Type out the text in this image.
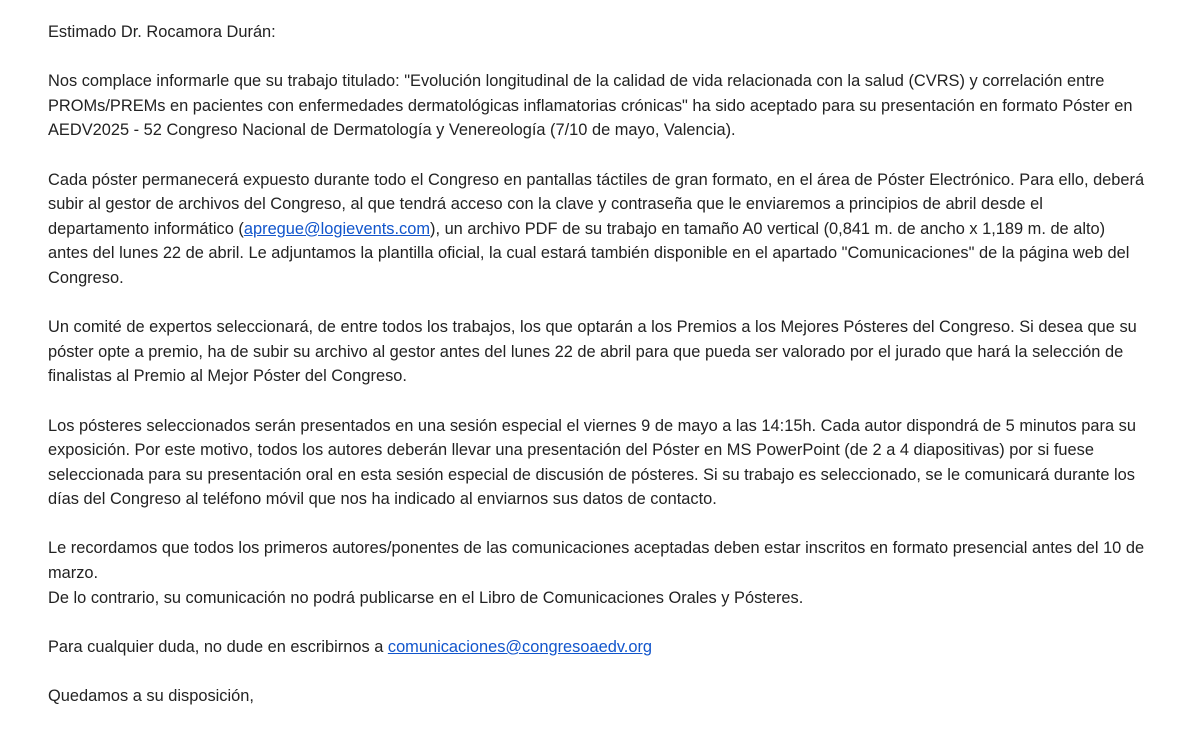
Estimado Dr. Rocamora Durán:

Nos complace informarle que su trabajo titulado: "Evolución longitudinal de la calidad de vida relacionada con la salud (CVRS) y correlación entre PROMs/PREMs en pacientes con enfermedades dermatológicas inflamatorias crónicas" ha sido aceptado para su presentación en formato Póster en AEDV2025 - 52 Congreso Nacional de Dermatología y Venereología (7/10 de mayo, Valencia).

Cada póster permanecerá expuesto durante todo el Congreso en pantallas táctiles de gran formato, en el área de Póster Electrónico. Para ello, deberá subir al gestor de archivos del Congreso, al que tendrá acceso con la clave y contraseña que le enviaremos a principios de abril desde el departamento informático (apregue@logievents.com), un archivo PDF de su trabajo en tamaño A0 vertical (0,841 m. de ancho x 1,189 m. de alto) antes del lunes 22 de abril. Le adjuntamos la plantilla oficial, la cual estará también disponible en el apartado "Comunicaciones" de la página web del Congreso.

Un comité de expertos seleccionará, de entre todos los trabajos, los que optarán a los Premios a los Mejores Pósteres del Congreso. Si desea que su póster opte a premio, ha de subir su archivo al gestor antes del lunes 22 de abril para que pueda ser valorado por el jurado que hará la selección de finalistas al Premio al Mejor Póster del Congreso.

Los pósteres seleccionados serán presentados en una sesión especial el viernes 9 de mayo a las 14:15h. Cada autor dispondrá de 5 minutos para su exposición. Por este motivo, todos los autores deberán llevar una presentación del Póster en MS PowerPoint (de 2 a 4 diapositivas) por si fuese seleccionada para su presentación oral en esta sesión especial de discusión de pósteres. Si su trabajo es seleccionado, se le comunicará durante los días del Congreso al teléfono móvil que nos ha indicado al enviarnos sus datos de contacto.

Le recordamos que todos los primeros autores/ponentes de las comunicaciones aceptadas deben estar inscritos en formato presencial antes del 10 de marzo.
De lo contrario, su comunicación no podrá publicarse en el Libro de Comunicaciones Orales y Pósteres.

Para cualquier duda, no dude en escribirnos a comunicaciones@congresoaedv.org

Quedamos a su disposición,
